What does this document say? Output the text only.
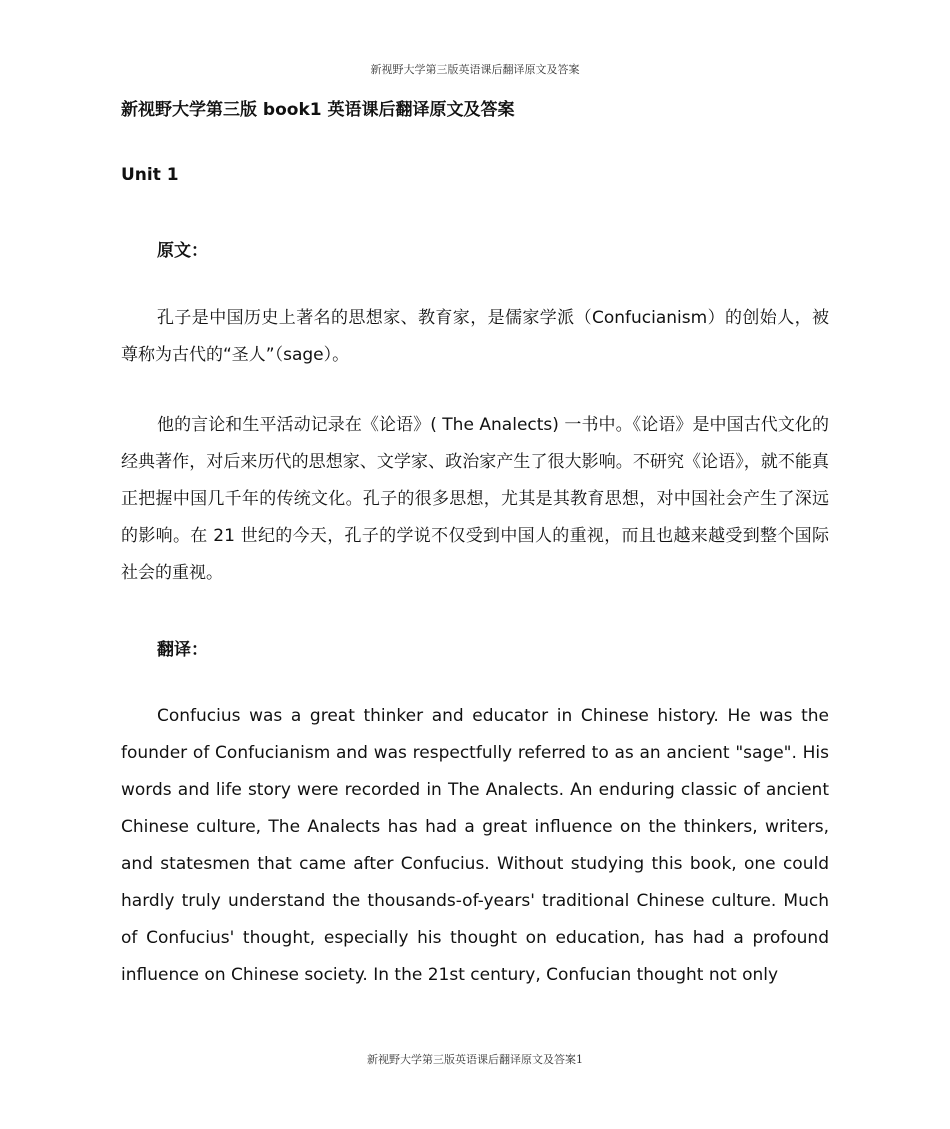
新视野大学第三版英语课后翻译原文及答案
新视野大学第三版 book1 英语课后翻译原文及答案
Unit 1
原文：

孔子是中国历史上著名的思想家、教育家，是儒家学派（Confucianism）的创始人，被尊称为古代的“圣人”（sage）。

他的言论和生平活动记录在《论语》( The Analects) 一书中。《论语》是中国古代文化的经典著作，对后来历代的思想家、文学家、政治家产生了很大影响。不研究《论语》，就不能真正把握中国几千年的传统文化。孔子的很多思想，尤其是其教育思想，对中国社会产生了深远的影响。在 21 世纪的今天，孔子的学说不仅受到中国人的重视，而且也越来越受到整个国际社会的重视。

翻译：

Confucius was a great thinker and educator in Chinese history. He was the founder of Confucianism and was respectfully referred to as an ancient "sage". His words and life story were recorded in The Analects. An enduring classic of ancient Chinese culture, The Analects has had a great influence on the thinkers, writers, and statesmen that came after Confucius. Without studying this book, one could hardly truly understand the thousands-of-years' traditional Chinese culture. Much of Confucius' thought, especially his thought on education, has had a profound influence on Chinese society. In the 21st century, Confucian thought not only

新视野大学第三版英语课后翻译原文及答案1
